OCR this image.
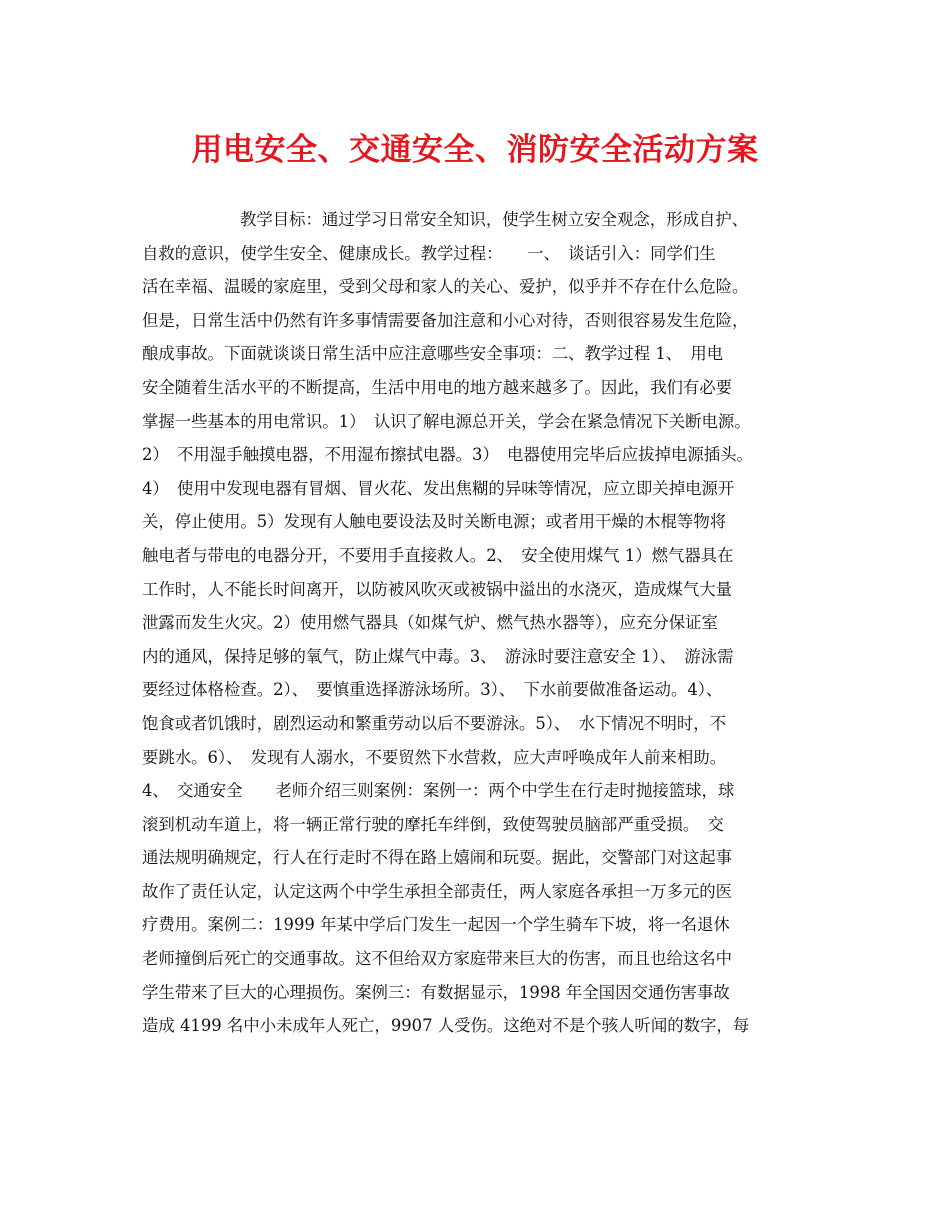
用电安全、交通安全、消防安全活动方案
教学目标：通过学习日常安全知识，使学生树立安全观念，形成自护、
自救的意识，使学生安全、健康成长。教学过程：　　一、　谈话引入：同学们生
活在幸福、温暖的家庭里，受到父母和家人的关心、爱护，似乎并不存在什么危险。
但是，日常生活中仍然有许多事情需要备加注意和小心对待，否则很容易发生危险，
酿成事故。下面就谈谈日常生活中应注意哪些安全事项：二、教学过程 1、　用电
安全随着生活水平的不断提高，生活中用电的地方越来越多了。因此，我们有必要
掌握一些基本的用电常识。1）　认识了解电源总开关，学会在紧急情况下关断电源。
2）　不用湿手触摸电器，不用湿布擦拭电器。3）　电器使用完毕后应拔掉电源插头。
4）　使用中发现电器有冒烟、冒火花、发出焦糊的异味等情况，应立即关掉电源开
关，停止使用。5）发现有人触电要设法及时关断电源；或者用干燥的木棍等物将
触电者与带电的电器分开，不要用手直接救人。2、　安全使用煤气 1）燃气器具在
工作时，人不能长时间离开，以防被风吹灭或被锅中溢出的水浇灭，造成煤气大量
泄露而发生火灾。2）使用燃气器具（如煤气炉、燃气热水器等），应充分保证室
内的通风，保持足够的氧气，防止煤气中毒。3、　游泳时要注意安全 1）、　游泳需
要经过体格检查。2）、　要慎重选择游泳场所。3）、　下水前要做准备运动。4）、
饱食或者饥饿时，剧烈运动和繁重劳动以后不要游泳。5）、　水下情况不明时，不
要跳水。6）、　发现有人溺水，不要贸然下水营救，应大声呼唤成年人前来相助。
4、　交通安全　　老师介绍三则案例：案例一：两个中学生在行走时抛接篮球，球
滚到机动车道上，将一辆正常行驶的摩托车绊倒，致使驾驶员脑部严重受损。　交
通法规明确规定，行人在行走时不得在路上嬉闹和玩耍。据此，交警部门对这起事
故作了责任认定，认定这两个中学生承担全部责任，两人家庭各承担一万多元的医
疗费用。案例二：1999 年某中学后门发生一起因一个学生骑车下坡，将一名退休
老师撞倒后死亡的交通事故。这不但给双方家庭带来巨大的伤害，而且也给这名中
学生带来了巨大的心理损伤。案例三：有数据显示，1998 年全国因交通伤害事故
造成 4199 名中小未成年人死亡，9907 人受伤。这绝对不是个骇人听闻的数字，每
